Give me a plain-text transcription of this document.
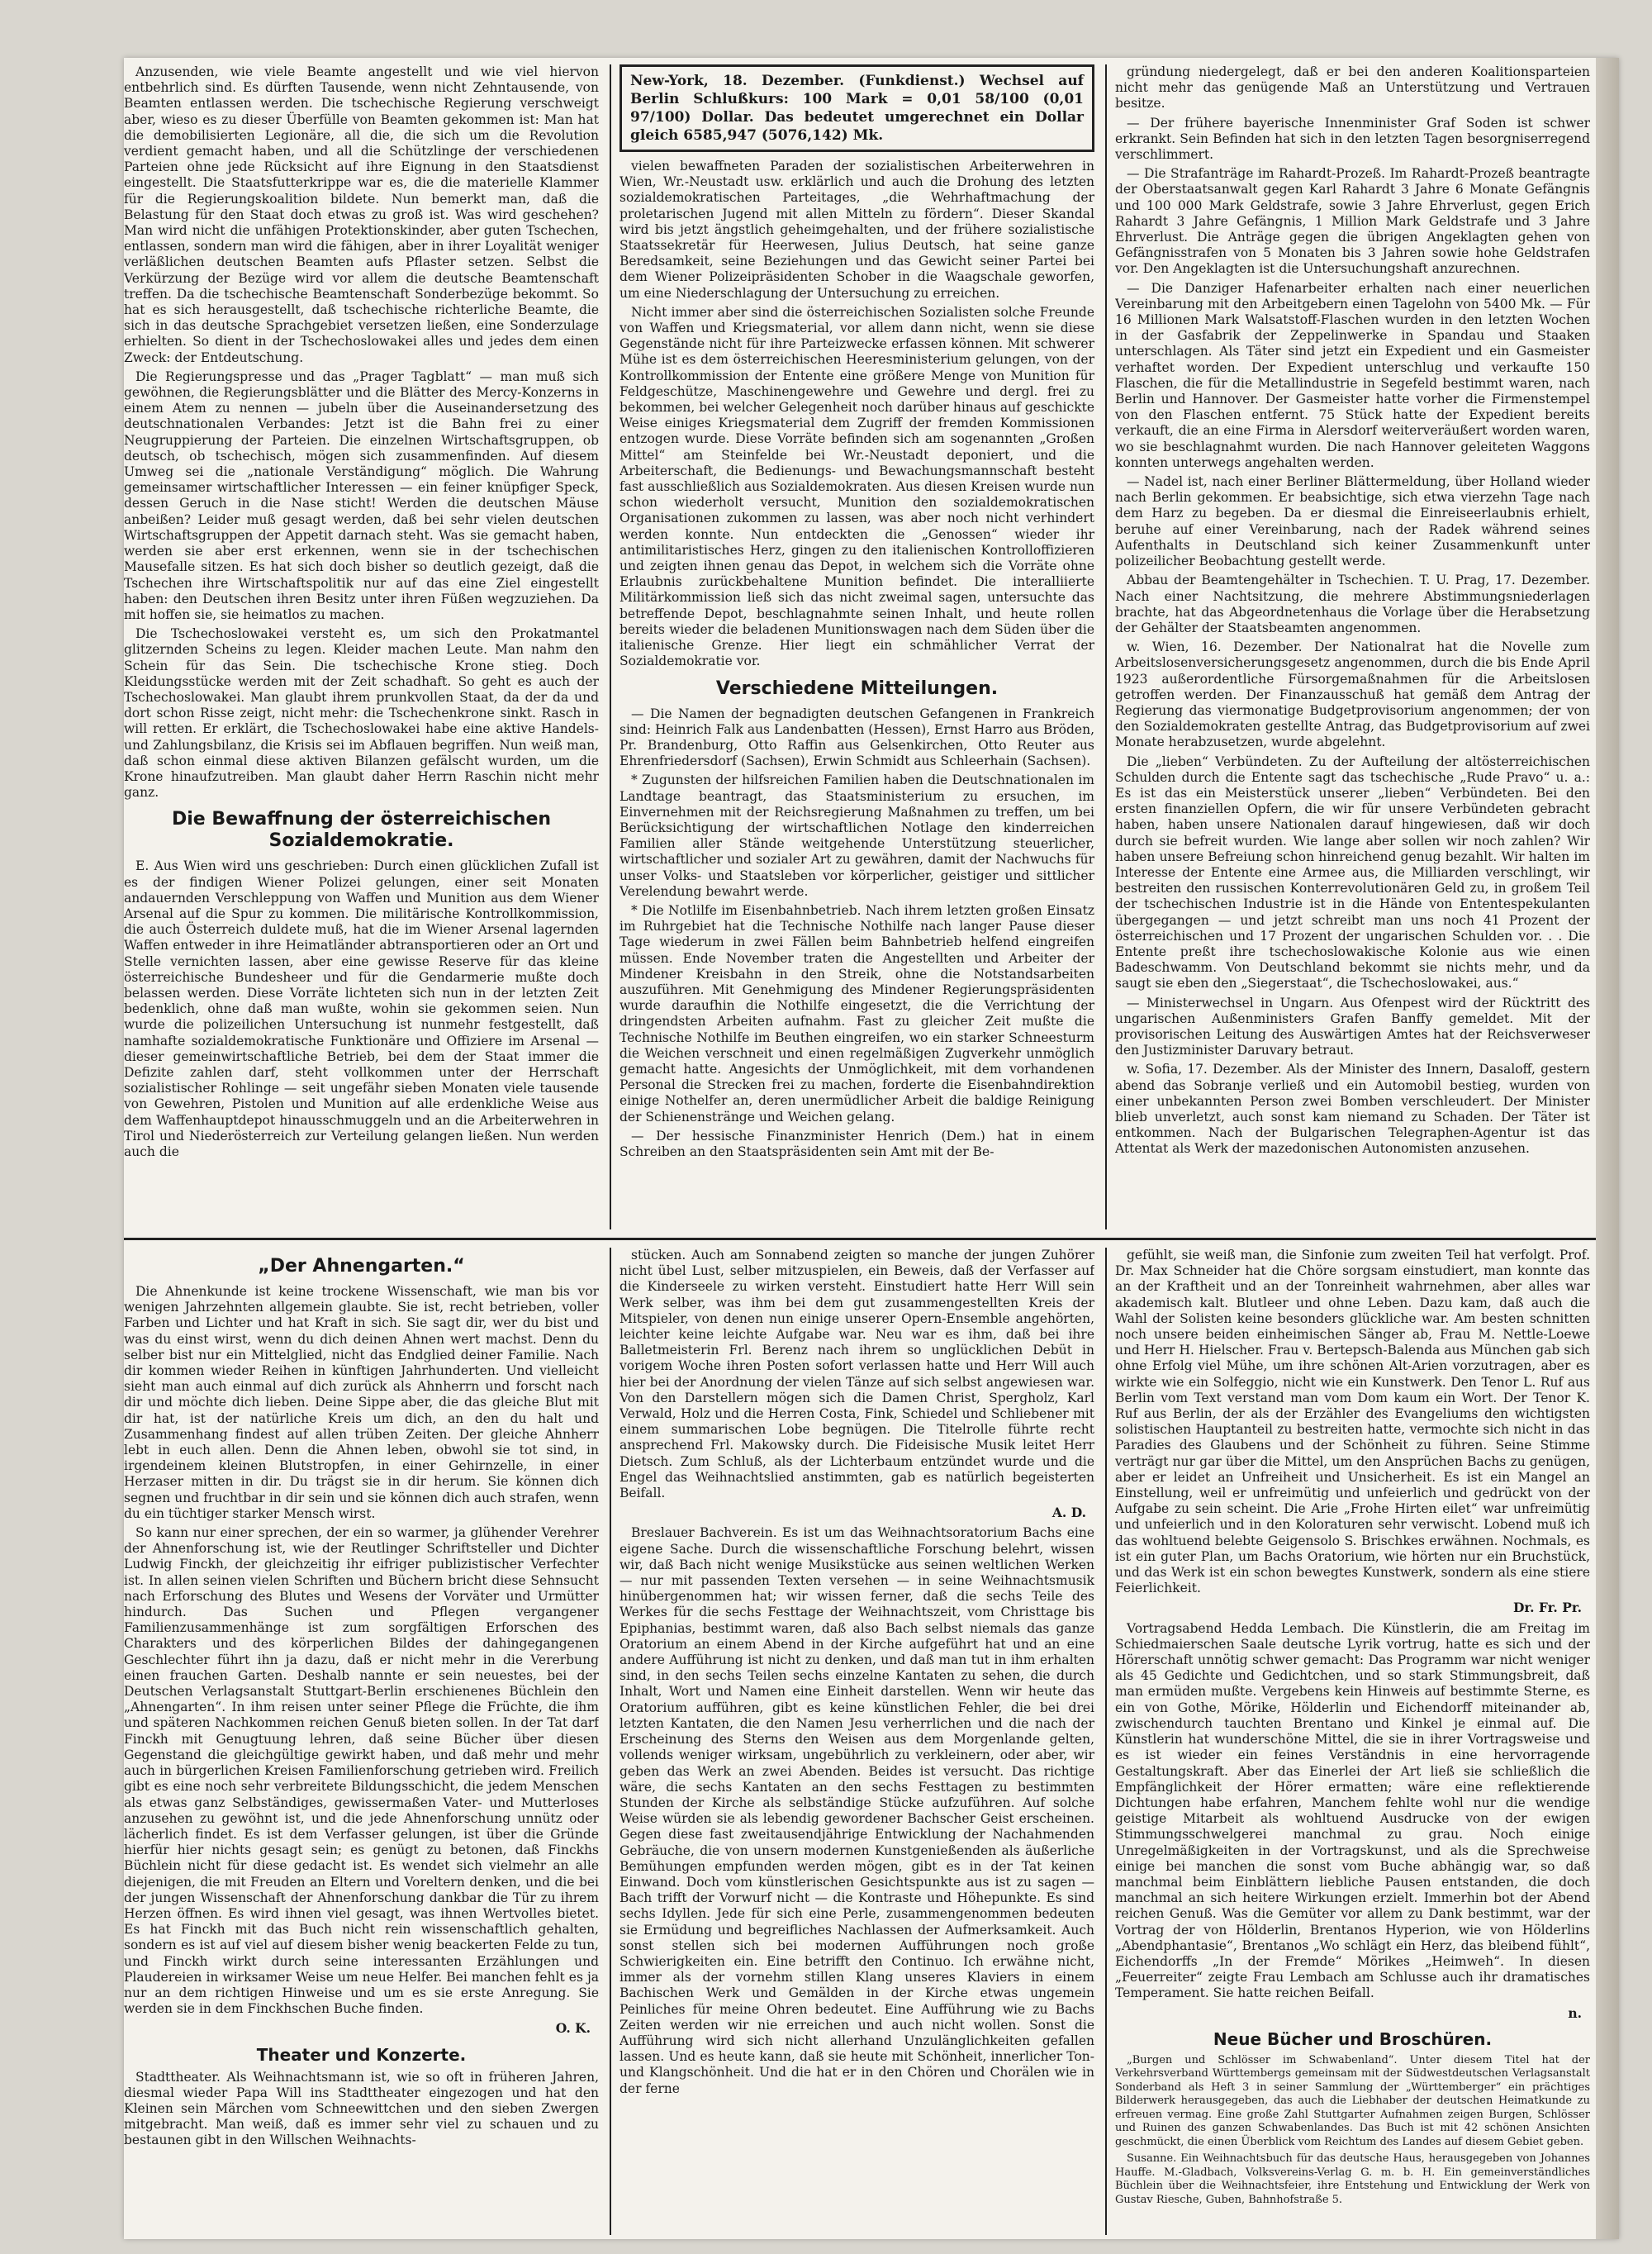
Anzusenden, wie viele Beamte angestellt und wie viel hiervon entbehrlich sind. Es dürften Tausende, wenn nicht Zehntausende, von Beamten entlassen werden. Die tschechische Regierung verschweigt aber, wieso es zu dieser Überfülle von Beamten gekommen ist: Man hat die demobilisierten Legionäre, all die, die sich um die Revolution verdient gemacht haben, und all die Schützlinge der verschiedenen Parteien ohne jede Rücksicht auf ihre Eignung in den Staatsdienst eingestellt. Die Staatsfutterkrippe war es, die die materielle Klammer für die Regierungskoalition bildete. Nun bemerkt man, daß die Belastung für den Staat doch etwas zu groß ist. Was wird geschehen? Man wird nicht die unfähigen Protektionskinder, aber guten Tschechen, entlassen, sondern man wird die fähigen, aber in ihrer Loyalität weniger verläßlichen deutschen Beamten aufs Pflaster setzen. Selbst die Verkürzung der Bezüge wird vor allem die deutsche Beamtenschaft treffen. Da die tschechische Beamtenschaft Sonderbezüge bekommt. So hat es sich herausgestellt, daß tschechische richterliche Beamte, die sich in das deutsche Sprachgebiet versetzen ließen, eine Sonderzulage erhielten. So dient in der Tschechoslowakei alles und jedes dem einen Zweck: der Entdeutschung.

Die Regierungspresse und das „Prager Tagblatt“ — man muß sich gewöhnen, die Regierungsblätter und die Blätter des Mercy-Konzerns in einem Atem zu nennen — jubeln über die Auseinandersetzung des deutschnationalen Verbandes: Jetzt ist die Bahn frei zu einer Neugruppierung der Parteien. Die einzelnen Wirtschaftsgruppen, ob deutsch, ob tschechisch, mögen sich zusammenfinden. Auf diesem Umweg sei die „nationale Verständigung“ möglich. Die Wahrung gemeinsamer wirtschaftlicher Interessen — ein feiner knüpfiger Speck, dessen Geruch in die Nase sticht! Werden die deutschen Mäuse anbeißen? Leider muß gesagt werden, daß bei sehr vielen deutschen Wirtschaftsgruppen der Appetit darnach steht. Was sie gemacht haben, werden sie aber erst erkennen, wenn sie in der tschechischen Mausefalle sitzen. Es hat sich doch bisher so deutlich gezeigt, daß die Tschechen ihre Wirtschaftspolitik nur auf das eine Ziel eingestellt haben: den Deutschen ihren Besitz unter ihren Füßen wegzuziehen. Da mit hoffen sie, sie heimatlos zu machen.

Die Tschechoslowakei versteht es, um sich den Prokatmantel glitzernden Scheins zu legen. Kleider machen Leute. Man nahm den Schein für das Sein. Die tschechische Krone stieg. Doch Kleidungsstücke werden mit der Zeit schadhaft. So geht es auch der Tschechoslowakei. Man glaubt ihrem prunkvollen Staat, da der da und dort schon Risse zeigt, nicht mehr: die Tschechenkrone sinkt. Rasch in will retten. Er erklärt, die Tschechoslowakei habe eine aktive Handels- und Zahlungsbilanz, die Krisis sei im Abflauen begriffen. Nun weiß man, daß schon einmal diese aktiven Bilanzen gefälscht wurden, um die Krone hinaufzutreiben. Man glaubt daher Herrn Raschin nicht mehr ganz.

Die Bewaffnung der österreichischen Sozialdemokratie.

E. Aus Wien wird uns geschrieben: Durch einen glücklichen Zufall ist es der findigen Wiener Polizei gelungen, einer seit Monaten andauernden Verschleppung von Waffen und Munition aus dem Wiener Arsenal auf die Spur zu kommen. Die militärische Kontrollkommission, die auch Österreich duldete muß, hat die im Wiener Arsenal lagernden Waffen entweder in ihre Heimatländer abtransportieren oder an Ort und Stelle vernichten lassen, aber eine gewisse Reserve für das kleine österreichische Bundesheer und für die Gendarmerie mußte doch belassen werden. Diese Vorräte lichteten sich nun in der letzten Zeit bedenklich, ohne daß man wußte, wohin sie gekommen seien. Nun wurde die polizeilichen Untersuchung ist nunmehr festgestellt, daß namhafte sozialdemokratische Funktionäre und Offiziere im Arsenal — dieser gemeinwirtschaftliche Betrieb, bei dem der Staat immer die Defizite zahlen darf, steht vollkommen unter der Herrschaft sozialistischer Rohlinge — seit ungefähr sieben Monaten viele tausende von Gewehren, Pistolen und Munition auf alle erdenkliche Weise aus dem Waffenhauptdepot hinausschmuggeln und an die Arbeiterwehren in Tirol und Niederösterreich zur Verteilung gelangen ließen. Nun werden auch die

New-York, 18. Dezember. (Funkdienst.) Wechsel auf Berlin Schlußkurs: 100 Mark = 0,01 58/100 (0,01 97/100) Dollar. Das bedeutet umgerechnet ein Dollar gleich 6585,947 (5076,142) Mk.

vielen bewaffneten Paraden der sozialistischen Arbeiterwehren in Wien, Wr.-Neustadt usw. erklärlich und auch die Drohung des letzten sozialdemokratischen Parteitages, „die Wehrhaftmachung der proletarischen Jugend mit allen Mitteln zu fördern“. Dieser Skandal wird bis jetzt ängstlich geheimgehalten, und der frühere sozialistische Staatssekretär für Heerwesen, Julius Deutsch, hat seine ganze Beredsamkeit, seine Beziehungen und das Gewicht seiner Partei bei dem Wiener Polizeipräsidenten Schober in die Waagschale geworfen, um eine Niederschlagung der Untersuchung zu erreichen.

Nicht immer aber sind die österreichischen Sozialisten solche Freunde von Waffen und Kriegsmaterial, vor allem dann nicht, wenn sie diese Gegenstände nicht für ihre Parteizwecke erfassen können. Mit schwerer Mühe ist es dem österreichischen Heeresministerium gelungen, von der Kontrollkommission der Entente eine größere Menge von Munition für Feldgeschütze, Maschinengewehre und Gewehre und dergl. frei zu bekommen, bei welcher Gelegenheit noch darüber hinaus auf geschickte Weise einiges Kriegsmaterial dem Zugriff der fremden Kommissionen entzogen wurde. Diese Vorräte befinden sich am sogenannten „Großen Mittel“ am Steinfelde bei Wr.-Neustadt deponiert, und die Arbeiterschaft, die Bedienungs- und Bewachungsmannschaft besteht fast ausschließlich aus Sozialdemokraten. Aus diesen Kreisen wurde nun schon wiederholt versucht, Munition den sozialdemokratischen Organisationen zukommen zu lassen, was aber noch nicht verhindert werden konnte. Nun entdeckten die „Genossen“ wieder ihr antimilitaristisches Herz, gingen zu den italienischen Kontrolloffizieren und zeigten ihnen genau das Depot, in welchem sich die Vorräte ohne Erlaubnis zurückbehaltene Munition befindet. Die interalliierte Militärkommission ließ sich das nicht zweimal sagen, untersuchte das betreffende Depot, beschlagnahmte seinen Inhalt, und heute rollen bereits wieder die beladenen Munitionswagen nach dem Süden über die italienische Grenze. Hier liegt ein schmählicher Verrat der Sozialdemokratie vor.

Verschiedene Mitteilungen.

— Die Namen der begnadigten deutschen Gefangenen in Frankreich sind: Heinrich Falk aus Landenbatten (Hessen), Ernst Harro aus Bröden, Pr. Brandenburg, Otto Raffin aus Gelsenkirchen, Otto Reuter aus Ehrenfriedersdorf (Sachsen), Erwin Schmidt aus Schleerhain (Sachsen).

* Zugunsten der hilfsreichen Familien haben die Deutschnationalen im Landtage beantragt, das Staatsministerium zu ersuchen, im Einvernehmen mit der Reichsregierung Maßnahmen zu treffen, um bei Berücksichtigung der wirtschaftlichen Notlage den kinderreichen Familien aller Stände weitgehende Unterstützung steuerlicher, wirtschaftlicher und sozialer Art zu gewähren, damit der Nachwuchs für unser Volks- und Staatsleben vor körperlicher, geistiger und sittlicher Verelendung bewahrt werde.

* Die Notlilfe im Eisenbahnbetrieb. Nach ihrem letzten großen Einsatz im Ruhrgebiet hat die Technische Nothilfe nach langer Pause dieser Tage wiederum in zwei Fällen beim Bahnbetrieb helfend eingreifen müssen. Ende November traten die Angestellten und Arbeiter der Mindener Kreisbahn in den Streik, ohne die Notstandsarbeiten auszuführen. Mit Genehmigung des Mindener Regierungspräsidenten wurde daraufhin die Nothilfe eingesetzt, die die Verrichtung der dringendsten Arbeiten aufnahm. Fast zu gleicher Zeit mußte die Technische Nothilfe im Beuthen eingreifen, wo ein starker Schneesturm die Weichen verschneit und einen regelmäßigen Zugverkehr unmöglich gemacht hatte. Angesichts der Unmöglichkeit, mit dem vorhandenen Personal die Strecken frei zu machen, forderte die Eisenbahndirektion einige Nothelfer an, deren unermüdlicher Arbeit die baldige Reinigung der Schienenstränge und Weichen gelang.

— Der hessische Finanzminister Henrich (Dem.) hat in einem Schreiben an den Staatspräsidenten sein Amt mit der Be-

gründung niedergelegt, daß er bei den anderen Koalitionsparteien nicht mehr das genügende Maß an Unterstützung und Vertrauen besitze.

— Der frühere bayerische Innenminister Graf Soden ist schwer erkrankt. Sein Befinden hat sich in den letzten Tagen besorgniserregend verschlimmert.

— Die Strafanträge im Rahardt-Prozeß. Im Rahardt-Prozeß beantragte der Oberstaatsanwalt gegen Karl Rahardt 3 Jahre 6 Monate Gefängnis und 100 000 Mark Geldstrafe, sowie 3 Jahre Ehrverlust, gegen Erich Rahardt 3 Jahre Gefängnis, 1 Million Mark Geldstrafe und 3 Jahre Ehrverlust. Die Anträge gegen die übrigen Angeklagten gehen von Gefängnisstrafen von 5 Monaten bis 3 Jahren sowie hohe Geldstrafen vor. Den Angeklagten ist die Untersuchungshaft anzurechnen.

— Die Danziger Hafenarbeiter erhalten nach einer neuerlichen Vereinbarung mit den Arbeitgebern einen Tagelohn von 5400 Mk. — Für 16 Millionen Mark Walsatstoff-Flaschen wurden in den letzten Wochen in der Gasfabrik der Zeppelinwerke in Spandau und Staaken unterschlagen. Als Täter sind jetzt ein Expedient und ein Gasmeister verhaftet worden. Der Expedient unterschlug und verkaufte 150 Flaschen, die für die Metallindustrie in Segefeld bestimmt waren, nach Berlin und Hannover. Der Gasmeister hatte vorher die Firmenstempel von den Flaschen entfernt. 75 Stück hatte der Expedient bereits verkauft, die an eine Firma in Alersdorf weiterveräußert worden waren, wo sie beschlagnahmt wurden. Die nach Hannover geleiteten Waggons konnten unterwegs angehalten werden.

— Nadel ist, nach einer Berliner Blättermeldung, über Holland wieder nach Berlin gekommen. Er beabsichtige, sich etwa vierzehn Tage nach dem Harz zu begeben. Da er diesmal die Einreiseerlaubnis erhielt, beruhe auf einer Vereinbarung, nach der Radek während seines Aufenthalts in Deutschland sich keiner Zusammenkunft unter polizeilicher Beobachtung gestellt werde.

Abbau der Beamtengehälter in Tschechien. T. U. Prag, 17. Dezember. Nach einer Nachtsitzung, die mehrere Abstimmungsniederlagen brachte, hat das Abgeordnetenhaus die Vorlage über die Herabsetzung der Gehälter der Staatsbeamten angenommen.

w. Wien, 16. Dezember. Der Nationalrat hat die Novelle zum Arbeitslosenversicherungsgesetz angenommen, durch die bis Ende April 1923 außerordentliche Fürsorgemaßnahmen für die Arbeitslosen getroffen werden. Der Finanzausschuß hat gemäß dem Antrag der Regierung das viermonatige Budgetprovisorium angenommen; der von den Sozialdemokraten gestellte Antrag, das Budgetprovisorium auf zwei Monate herabzusetzen, wurde abgelehnt.

Die „lieben“ Verbündeten. Zu der Aufteilung der altösterreichischen Schulden durch die Entente sagt das tschechische „Rude Pravo“ u. a.: Es ist das ein Meisterstück unserer „lieben“ Verbündeten. Bei den ersten finanziellen Opfern, die wir für unsere Verbündeten gebracht haben, haben unsere Nationalen darauf hingewiesen, daß wir doch durch sie befreit wurden. Wie lange aber sollen wir noch zahlen? Wir haben unsere Befreiung schon hinreichend genug bezahlt. Wir halten im Interesse der Entente eine Armee aus, die Milliarden verschlingt, wir bestreiten den russischen Konterrevolutionären Geld zu, in großem Teil der tschechischen Industrie ist in die Hände von Ententespekulanten übergegangen — und jetzt schreibt man uns noch 41 Prozent der österreichischen und 17 Prozent der ungarischen Schulden vor. . . Die Entente preßt ihre tschechoslowakische Kolonie aus wie einen Badeschwamm. Von Deutschland bekommt sie nichts mehr, und da saugt sie eben den „Siegerstaat“, die Tschechoslowakei, aus.“

— Ministerwechsel in Ungarn. Aus Ofenpest wird der Rücktritt des ungarischen Außenministers Grafen Banffy gemeldet. Mit der provisorischen Leitung des Auswärtigen Amtes hat der Reichsverweser den Justizminister Daruvary betraut.

w. Sofia, 17. Dezember. Als der Minister des Innern, Dasaloff, gestern abend das Sobranje verließ und ein Automobil bestieg, wurden von einer unbekannten Person zwei Bomben verschleudert. Der Minister blieb unverletzt, auch sonst kam niemand zu Schaden. Der Täter ist entkommen. Nach der Bulgarischen Telegraphen-Agentur ist das Attentat als Werk der mazedonischen Autonomisten anzusehen.

„Der Ahnengarten.“

Die Ahnenkunde ist keine trockene Wissenschaft, wie man bis vor wenigen Jahrzehnten allgemein glaubte. Sie ist, recht betrieben, voller Farben und Lichter und hat Kraft in sich. Sie sagt dir, wer du bist und was du einst wirst, wenn du dich deinen Ahnen wert machst. Denn du selber bist nur ein Mittelglied, nicht das Endglied deiner Familie. Nach dir kommen wieder Reihen in künftigen Jahrhunderten. Und vielleicht sieht man auch einmal auf dich zurück als Ahnherrn und forscht nach dir und möchte dich lieben. Deine Sippe aber, die das gleiche Blut mit dir hat, ist der natürliche Kreis um dich, an den du halt und Zusammenhang findest auf allen trüben Zeiten. Der gleiche Ahnherr lebt in euch allen. Denn die Ahnen leben, obwohl sie tot sind, in irgendeinem kleinen Blutstropfen, in einer Gehirnzelle, in einer Herzaser mitten in dir. Du trägst sie in dir herum. Sie können dich segnen und fruchtbar in dir sein und sie können dich auch strafen, wenn du ein tüchtiger starker Mensch wirst.

So kann nur einer sprechen, der ein so warmer, ja glühender Verehrer der Ahnenforschung ist, wie der Reutlinger Schriftsteller und Dichter Ludwig Finckh, der gleichzeitig ihr eifriger publizistischer Verfechter ist. In allen seinen vielen Schriften und Büchern bricht diese Sehnsucht nach Erforschung des Blutes und Wesens der Vorväter und Urmütter hindurch. Das Suchen und Pflegen vergangener Familienzusammenhänge ist zum sorgfältigen Erforschen des Charakters und des körperlichen Bildes der dahingegangenen Geschlechter führt ihn ja dazu, daß er nicht mehr in die Vererbung einen frauchen Garten. Deshalb nannte er sein neuestes, bei der Deutschen Verlagsanstalt Stuttgart-Berlin erschienenes Büchlein den „Ahnengarten“. In ihm reisen unter seiner Pflege die Früchte, die ihm und späteren Nachkommen reichen Genuß bieten sollen. In der Tat darf Finckh mit Genugtuung lehren, daß seine Bücher über diesen Gegenstand die gleichgültige gewirkt haben, und daß mehr und mehr auch in bürgerlichen Kreisen Familienforschung getrieben wird. Freilich gibt es eine noch sehr verbreitete Bildungsschicht, die jedem Menschen als etwas ganz Selbständiges, gewissermaßen Vater- und Mutterloses anzusehen zu gewöhnt ist, und die jede Ahnenforschung unnütz oder lächerlich findet. Es ist dem Verfasser gelungen, ist über die Gründe hierfür hier nichts gesagt sein; es genügt zu betonen, daß Finckhs Büchlein nicht für diese gedacht ist. Es wendet sich vielmehr an alle diejenigen, die mit Freuden an Eltern und Voreltern denken, und die bei der jungen Wissenschaft der Ahnenforschung dankbar die Tür zu ihrem Herzen öffnen. Es wird ihnen viel gesagt, was ihnen Wertvolles bietet. Es hat Finckh mit das Buch nicht rein wissenschaftlich gehalten, sondern es ist auf viel auf diesem bisher wenig beackerten Felde zu tun, und Finckh wirkt durch seine interessanten Erzählungen und Plaudereien in wirksamer Weise um neue Helfer. Bei manchen fehlt es ja nur an dem richtigen Hinweise und um es sie erste Anregung. Sie werden sie in dem Finckhschen Buche finden.

O. K.
Theater und Konzerte.

Stadttheater. Als Weihnachtsmann ist, wie so oft in früheren Jahren, diesmal wieder Papa Will ins Stadttheater eingezogen und hat den Kleinen sein Märchen vom Schneewittchen und den sieben Zwergen mitgebracht. Man weiß, daß es immer sehr viel zu schauen und zu bestaunen gibt in den Willschen Weihnachts-

stücken. Auch am Sonnabend zeigten so manche der jungen Zuhörer nicht übel Lust, selber mitzuspielen, ein Beweis, daß der Verfasser auf die Kinderseele zu wirken versteht. Einstudiert hatte Herr Will sein Werk selber, was ihm bei dem gut zusammengestellten Kreis der Mitspieler, von denen nun einige unserer Opern-Ensemble angehörten, leichter keine leichte Aufgabe war. Neu war es ihm, daß bei ihre Balletmeisterin Frl. Berenz nach ihrem so unglücklichen Debüt in vorigem Woche ihren Posten sofort verlassen hatte und Herr Will auch hier bei der Anordnung der vielen Tänze auf sich selbst angewiesen war. Von den Darstellern mögen sich die Damen Christ, Spergholz, Karl Verwald, Holz und die Herren Costa, Fink, Schiedel und Schliebener mit einem summarischen Lobe begnügen. Die Titelrolle führte recht ansprechend Frl. Makowsky durch. Die Fideisische Musik leitet Herr Dietsch. Zum Schluß, als der Lichterbaum entzündet wurde und die Engel das Weihnachtslied anstimmten, gab es natürlich begeisterten Beifall.

A. D.

Breslauer Bachverein. Es ist um das Weihnachtsoratorium Bachs eine eigene Sache. Durch die wissenschaftliche Forschung belehrt, wissen wir, daß Bach nicht wenige Musikstücke aus seinen weltlichen Werken — nur mit passenden Texten versehen — in seine Weihnachtsmusik hinübergenommen hat; wir wissen ferner, daß die sechs Teile des Werkes für die sechs Festtage der Weihnachtszeit, vom Christtage bis Epiphanias, bestimmt waren, daß also Bach selbst niemals das ganze Oratorium an einem Abend in der Kirche aufgeführt hat und an eine andere Aufführung ist nicht zu denken, und daß man tut in ihm erhalten sind, in den sechs Teilen sechs einzelne Kantaten zu sehen, die durch Inhalt, Wort und Namen eine Einheit darstellen. Wenn wir heute das Oratorium aufführen, gibt es keine künstlichen Fehler, die bei drei letzten Kantaten, die den Namen Jesu verherrlichen und die nach der Erscheinung des Sterns den Weisen aus dem Morgenlande gelten, vollends weniger wirksam, ungebührlich zu verkleinern, oder aber, wir geben das Werk an zwei Abenden. Beides ist versucht. Das richtige wäre, die sechs Kantaten an den sechs Festtagen zu bestimmten Stunden der Kirche als selbständige Stücke aufzuführen. Auf solche Weise würden sie als lebendig gewordener Bachscher Geist erscheinen. Gegen diese fast zweitausendjährige Entwicklung der Nachahmenden Gebräuche, die von unsern modernen Kunstgenießenden als äußerliche Bemühungen empfunden werden mögen, gibt es in der Tat keinen Einwand. Doch vom künstlerischen Gesichtspunkte aus ist zu sagen — Bach trifft der Vorwurf nicht — die Kontraste und Höhepunkte. Es sind sechs Idyllen. Jede für sich eine Perle, zusammengenommen bedeuten sie Ermüdung und begreifliches Nachlassen der Aufmerksamkeit. Auch sonst stellen sich bei modernen Aufführungen noch große Schwierigkeiten ein. Eine betrifft den Continuo. Ich erwähne nicht, immer als der vornehm stillen Klang unseres Klaviers in einem Bachischen Werk und Gemälden in der Kirche etwas ungemein Peinliches für meine Ohren bedeutet. Eine Aufführung wie zu Bachs Zeiten werden wir nie erreichen und auch nicht wollen. Sonst die Aufführung wird sich nicht allerhand Unzulänglichkeiten gefallen lassen. Und es heute kann, daß sie heute mit Schönheit, innerlicher Ton- und Klangschönheit. Und die hat er in den Chören und Chorälen wie in der ferne

gefühlt, sie weiß man, die Sinfonie zum zweiten Teil hat verfolgt. Prof. Dr. Max Schneider hat die Chöre sorgsam einstudiert, man konnte das an der Kraftheit und an der Tonreinheit wahrnehmen, aber alles war akademisch kalt. Blutleer und ohne Leben. Dazu kam, daß auch die Wahl der Solisten keine besonders glückliche war. Am besten schnitten noch unsere beiden einheimischen Sänger ab, Frau M. Nettle-Loewe und Herr H. Hielscher. Frau v. Bertepsch-Balenda aus München gab sich ohne Erfolg viel Mühe, um ihre schönen Alt-Arien vorzutragen, aber es wirkte wie ein Solfeggio, nicht wie ein Kunstwerk. Den Tenor L. Ruf aus Berlin vom Text verstand man vom Dom kaum ein Wort. Der Tenor K. Ruf aus Berlin, der als der Erzähler des Evangeliums den wichtigsten solistischen Hauptanteil zu bestreiten hatte, vermochte sich nicht in das Paradies des Glaubens und der Schönheit zu führen. Seine Stimme verträgt nur gar über die Mittel, um den Ansprüchen Bachs zu genügen, aber er leidet an Unfreiheit und Unsicherheit. Es ist ein Mangel an Einstellung, weil er unfreimütig und unfeierlich und gedrückt von der Aufgabe zu sein scheint. Die Arie „Frohe Hirten eilet“ war unfreimütig und unfeierlich und in den Koloraturen sehr verwischt. Lobend muß ich das wohltuend belebte Geigensolo S. Brischkes erwähnen. Nochmals, es ist ein guter Plan, um Bachs Oratorium, wie hörten nur ein Bruchstück, und das Werk ist ein schon bewegtes Kunstwerk, sondern als eine stiere Feierlichkeit.

Dr. Fr. Pr.

Vortragsabend Hedda Lembach. Die Künstlerin, die am Freitag im Schiedmaierschen Saale deutsche Lyrik vortrug, hatte es sich und der Hörerschaft unnötig schwer gemacht: Das Programm war nicht weniger als 45 Gedichte und Gedichtchen, und so stark Stimmungsbreit, daß man ermüden mußte. Vergebens kein Hinweis auf bestimmte Sterne, es ein von Gothe, Mörike, Hölderlin und Eichendorff miteinander ab, zwischendurch tauchten Brentano und Kinkel je einmal auf. Die Künstlerin hat wunderschöne Mittel, die sie in ihrer Vortragsweise und es ist wieder ein feines Verständnis in eine hervorragende Gestaltungskraft. Aber das Einerlei der Art ließ sie schließlich die Empfänglichkeit der Hörer ermatten; wäre eine reflektierende Dichtungen habe erfahren, Manchem fehlte wohl nur die wendige geistige Mitarbeit als wohltuend Ausdrucke von der ewigen Stimmungsschwelgerei manchmal zu grau. Noch einige Unregelmäßigkeiten in der Vortragskunst, und als die Sprechweise einige bei manchen die sonst vom Buche abhängig war, so daß manchmal beim Einblättern liebliche Pausen entstanden, die doch manchmal an sich heitere Wirkungen erzielt. Immerhin bot der Abend reichen Genuß. Was die Gemüter vor allem zu Dank bestimmt, war der Vortrag der von Hölderlin, Brentanos Hyperion, wie von Hölderlins „Abendphantasie“, Brentanos „Wo schlägt ein Herz, das bleibend fühlt“, Eichendorffs „In der Fremde“ Mörikes „Heimweh“. In diesen „Feuerreiter“ zeigte Frau Lembach am Schlusse auch ihr dramatisches Temperament. Sie hatte reichen Beifall.

n.
Neue Bücher und Broschüren.

„Burgen und Schlösser im Schwabenland“. Unter diesem Titel hat der Verkehrsverband Württembergs gemeinsam mit der Südwestdeutschen Verlagsanstalt Sonderband als Heft 3 in seiner Sammlung der „Württemberger“ ein prächtiges Bilderwerk herausgegeben, das auch die Liebhaber der deutschen Heimatkunde zu erfreuen vermag. Eine große Zahl Stuttgarter Aufnahmen zeigen Burgen, Schlösser und Ruinen des ganzen Schwabenlandes. Das Buch ist mit 42 schönen Ansichten geschmückt, die einen Überblick vom Reichtum des Landes auf diesem Gebiet geben.

Susanne. Ein Weihnachtsbuch für das deutsche Haus, herausgegeben von Johannes Hauffe. M.-Gladbach, Volksvereins-Verlag G. m. b. H. Ein gemeinverständliches Büchlein über die Weihnachtsfeier, ihre Entstehung und Entwicklung der Werk von Gustav Riesche, Guben, Bahnhofstraße 5.
